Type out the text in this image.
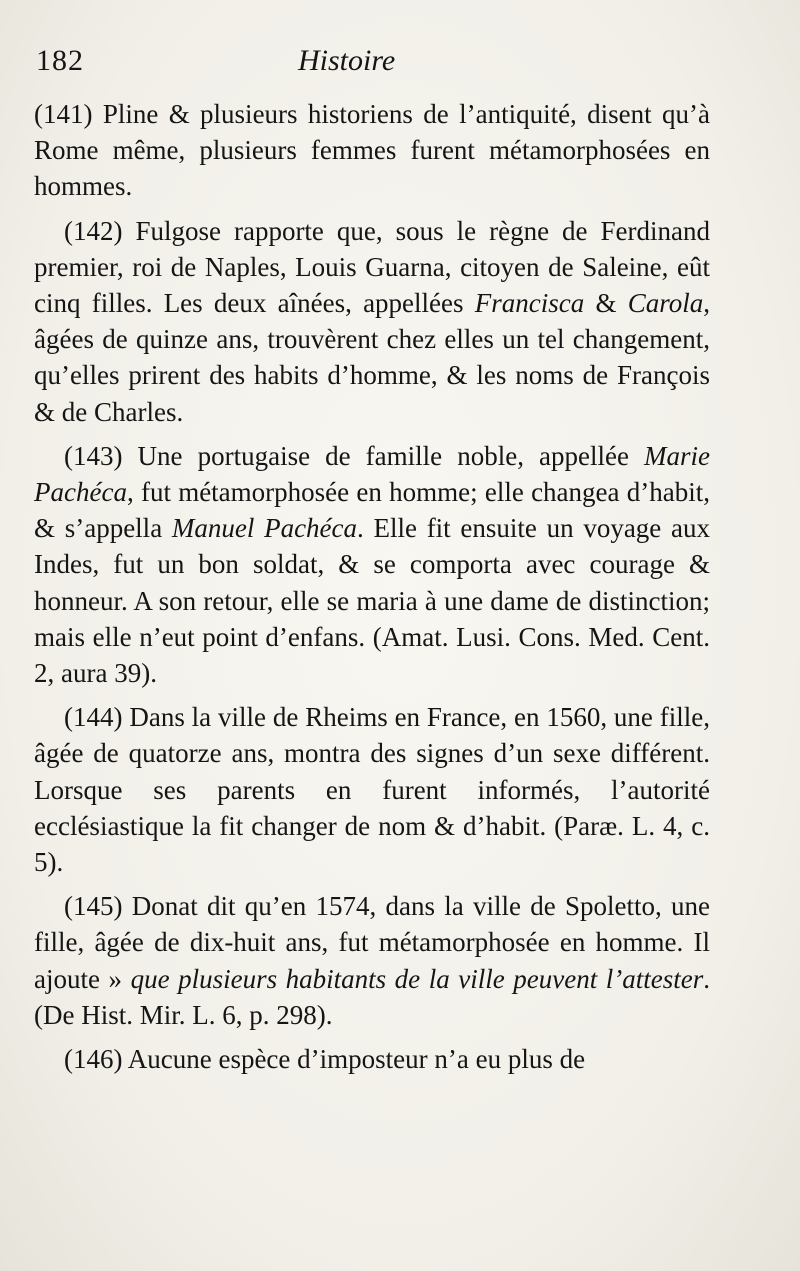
182	Histoire

(141) Pline & plusieurs historiens de l’antiquité, disent qu’à Rome même, plusieurs femmes furent métamorphosées en hommes.

(142) Fulgose rapporte que, sous le règne de Ferdinand premier, roi de Naples, Louis Guarna, citoyen de Saleine, eût cinq filles. Les deux aînées, appellées Francisca & Carola, âgées de quinze ans, trouvèrent chez elles un tel changement, qu’elles prirent des habits d’homme, & les noms de François & de Charles.

(143) Une portugaise de famille noble, appellée Marie Pachéca, fut métamorphosée en homme; elle changea d’habit, & s’appella Manuel Pachéca. Elle fit ensuite un voyage aux Indes, fut un bon soldat, & se comporta avec courage & honneur. A son retour, elle se maria à une dame de distinction; mais elle n’eut point d’enfans. (Amat. Lusi. Cons. Med. Cent. 2, aura 39).

(144) Dans la ville de Rheims en France, en 1560, une fille, âgée de quatorze ans, montra des signes d’un sexe différent. Lorsque ses parents en furent informés, l’autorité ecclésiastique la fit changer de nom & d’habit. (Paræ. L. 4, c. 5).

(145) Donat dit qu’en 1574, dans la ville de Spoletto, une fille, âgée de dix-huit ans, fut métamorphosée en homme. Il ajoute » que plusieurs habitants de la ville peuvent l’attester. (De Hist. Mir. L. 6, p. 298).

(146) Aucune espèce d’imposteur n’a eu plus de
